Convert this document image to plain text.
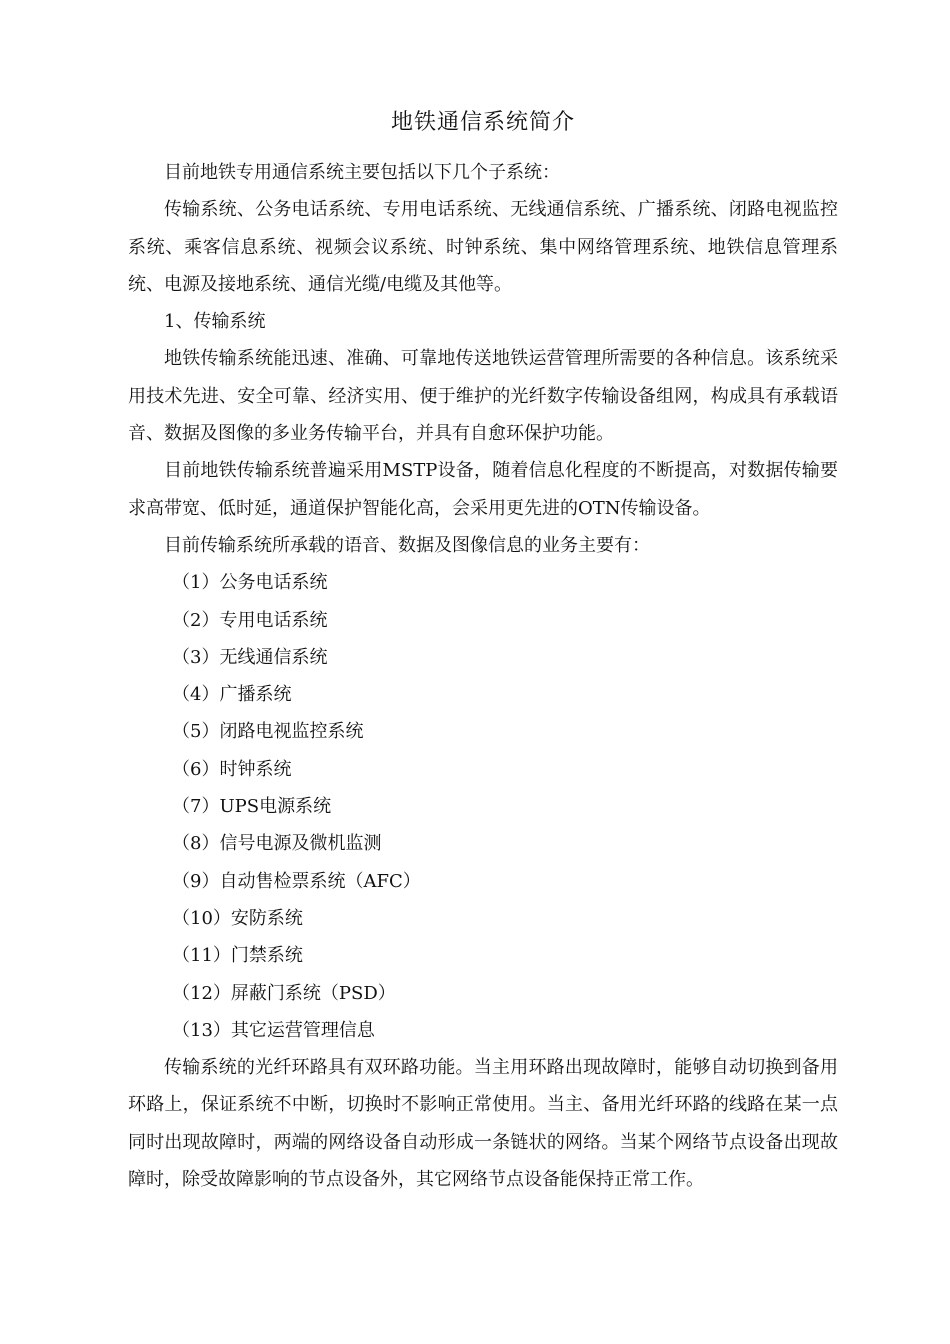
地铁通信系统简介

目前地铁专用通信系统主要包括以下几个子系统：

传输系统、公务电话系统、专用电话系统、无线通信系统、广播系统、闭路电视监控系统、乘客信息系统、视频会议系统、时钟系统、集中网络管理系统、地铁信息管理系统、电源及接地系统、通信光缆/电缆及其他等。

1、传输系统

地铁传输系统能迅速、准确、可靠地传送地铁运营管理所需要的各种信息。该系统采用技术先进、安全可靠、经济实用、便于维护的光纤数字传输设备组网，构成具有承载语音、数据及图像的多业务传输平台，并具有自愈环保护功能。

目前地铁传输系统普遍采用MSTP设备，随着信息化程度的不断提高，对数据传输要求高带宽、低时延，通道保护智能化高，会采用更先进的OTN传输设备。

目前传输系统所承载的语音、数据及图像信息的业务主要有：

（1）公务电话系统
（2）专用电话系统
（3）无线通信系统
（4）广播系统
（5）闭路电视监控系统
（6）时钟系统
（7）UPS电源系统
（8）信号电源及微机监测
（9）自动售检票系统（AFC）
（10）安防系统
（11）门禁系统
（12）屏蔽门系统（PSD）
（13）其它运营管理信息

传输系统的光纤环路具有双环路功能。当主用环路出现故障时，能够自动切换到备用环路上，保证系统不中断，切换时不影响正常使用。当主、备用光纤环路的线路在某一点同时出现故障时，两端的网络设备自动形成一条链状的网络。当某个网络节点设备出现故障时，除受故障影响的节点设备外，其它网络节点设备能保持正常工作。
